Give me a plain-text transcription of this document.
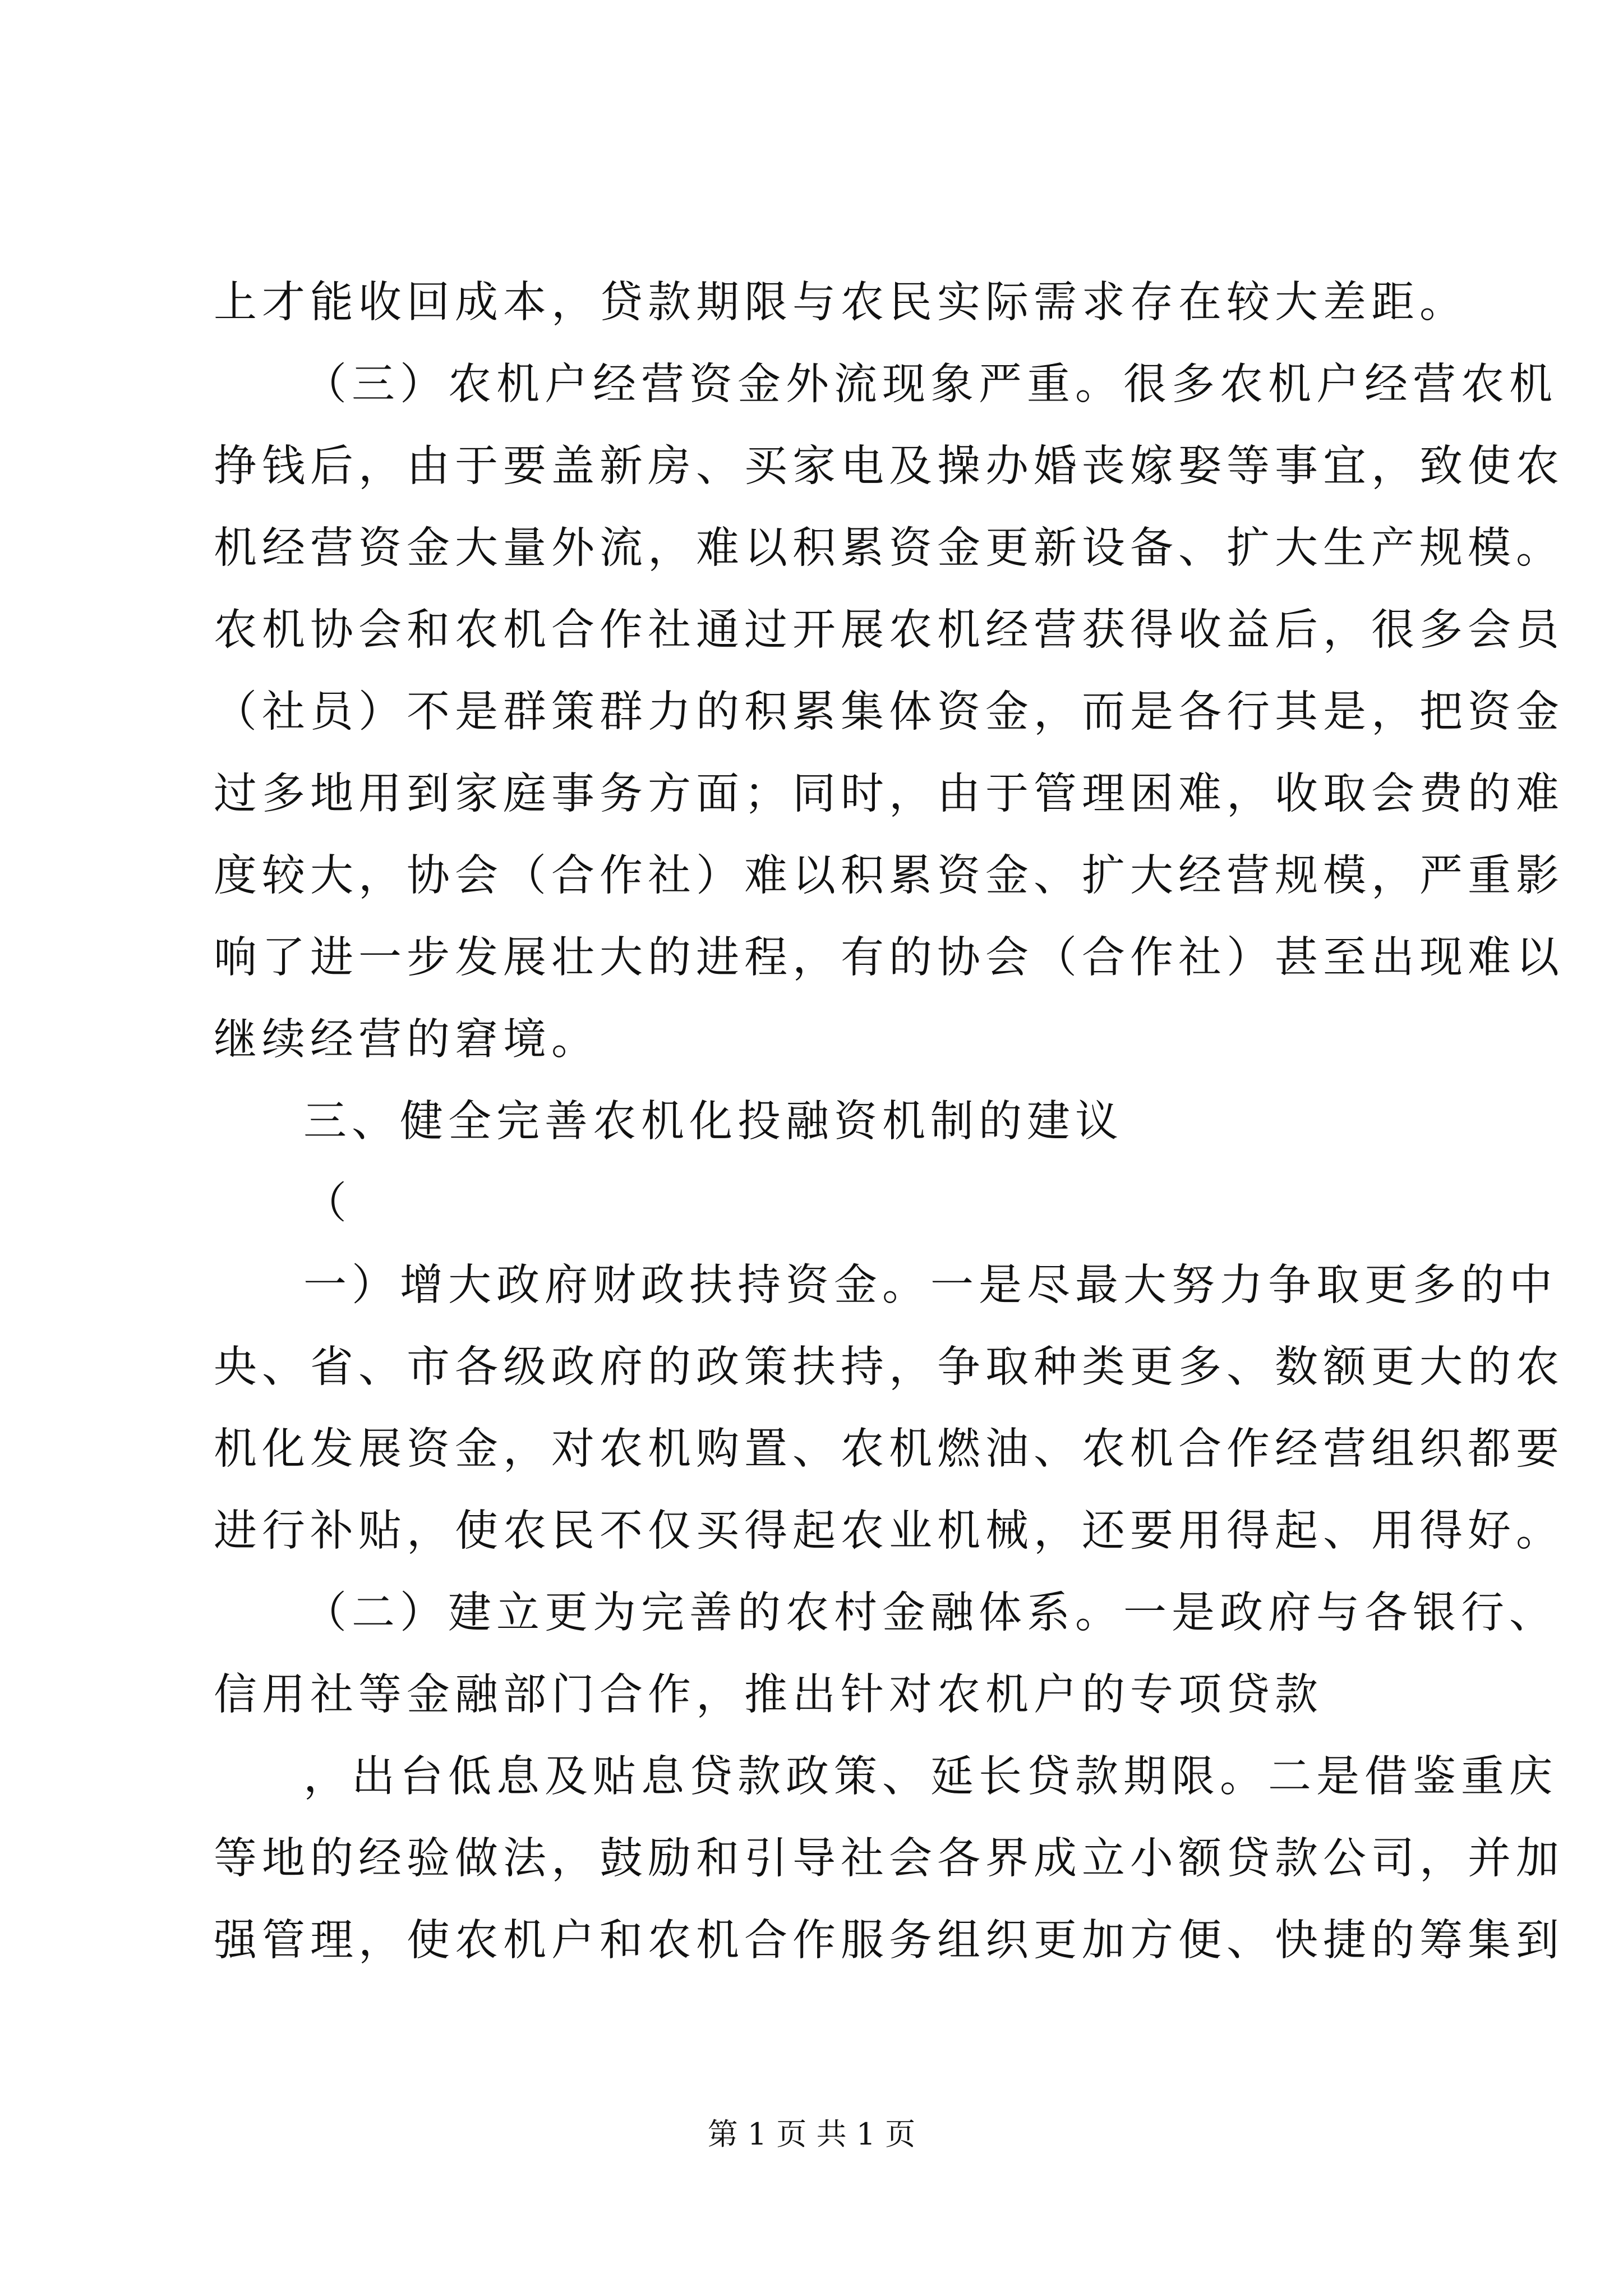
上才能收回成本，贷款期限与农民实际需求存在较大差距。
（三）农机户经营资金外流现象严重。很多农机户经营农机
挣钱后，由于要盖新房、买家电及操办婚丧嫁娶等事宜，致使农
机经营资金大量外流，难以积累资金更新设备、扩大生产规模。
农机协会和农机合作社通过开展农机经营获得收益后，很多会员
（社员）不是群策群力的积累集体资金，而是各行其是，把资金
过多地用到家庭事务方面；同时，由于管理困难，收取会费的难
度较大，协会（合作社）难以积累资金、扩大经营规模，严重影
响了进一步发展壮大的进程，有的协会（合作社）甚至出现难以
继续经营的窘境。
三、健全完善农机化投融资机制的建议
（
一）增大政府财政扶持资金。一是尽最大努力争取更多的中
央、省、市各级政府的政策扶持，争取种类更多、数额更大的农
机化发展资金，对农机购置、农机燃油、农机合作经营组织都要
进行补贴，使农民不仅买得起农业机械，还要用得起、用得好。
（二）建立更为完善的农村金融体系。一是政府与各银行、
信用社等金融部门合作，推出针对农机户的专项贷款
，出台低息及贴息贷款政策、延长贷款期限。二是借鉴重庆
等地的经验做法，鼓励和引导社会各界成立小额贷款公司，并加
强管理，使农机户和农机合作服务组织更加方便、快捷的筹集到
第 1 页 共 1 页
